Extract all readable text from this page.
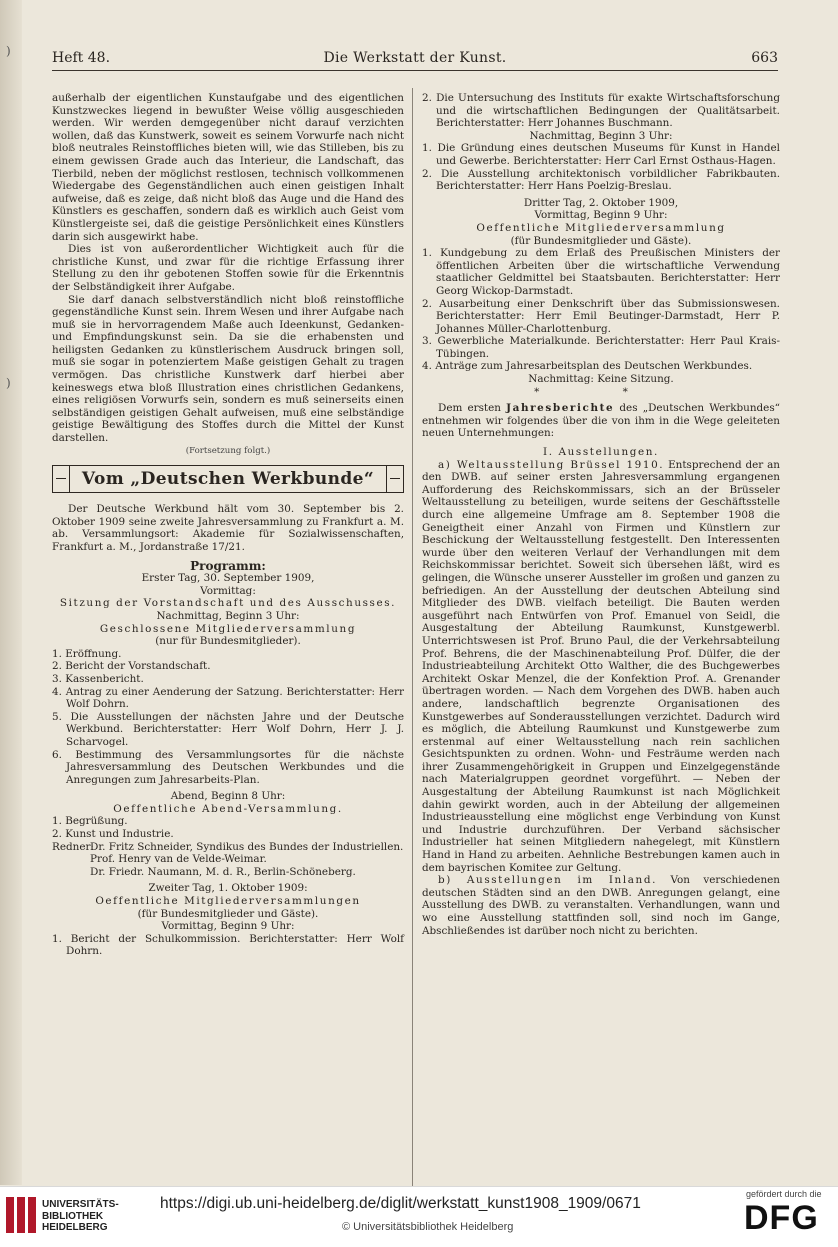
)
)
Heft 48.	Die Werkstatt der Kunst.	663

außerhalb der eigentlichen Kunstaufgabe und des eigentlichen Kunstzweckes liegend in bewußter Weise völlig ausgeschieden werden. Wir werden demgegenüber nicht darauf verzichten wollen, daß das Kunstwerk, soweit es seinem Vorwurfe nach nicht bloß neutrales Reinstoffliches bieten will, wie das Stilleben, bis zu einem gewissen Grade auch das Interieur, die Landschaft, das Tierbild, neben der möglichst restlosen, technisch vollkommenen Wiedergabe des Gegenständlichen auch einen geistigen Inhalt aufweise, daß es zeige, daß nicht bloß das Auge und die Hand des Künstlers es geschaffen, sondern daß es wirklich auch Geist vom Künstlergeiste sei, daß die geistige Persönlichkeit eines Künstlers darin sich ausgewirkt habe.

Dies ist von außerordentlicher Wichtigkeit auch für die christliche Kunst, und zwar für die richtige Erfassung ihrer Stellung zu den ihr gebotenen Stoffen sowie für die Erkenntnis der Selbständigkeit ihrer Aufgabe.

Sie darf danach selbstverständlich nicht bloß reinstoffliche gegenständliche Kunst sein. Ihrem Wesen und ihrer Aufgabe nach muß sie in hervorragendem Maße auch Ideenkunst, Gedanken- und Empfindungskunst sein. Da sie die erhabensten und heiligsten Gedanken zu künstlerischem Ausdruck bringen soll, muß sie sogar in potenziertem Maße geistigen Gehalt zu tragen vermögen. Das christliche Kunstwerk darf hierbei aber keineswegs etwa bloß Illustration eines christlichen Gedankens, eines religiösen Vorwurfs sein, sondern es muß seinerseits einen selbständigen geistigen Gehalt aufweisen, muß eine selbständige geistige Bewältigung des Stoffes durch die Mittel der Kunst darstellen.

(Fortsetzung folgt.)

Vom „Deutschen Werkbunde“

Der Deutsche Werkbund hält vom 30. September bis 2. Oktober 1909 seine zweite Jahresversammlung zu Frankfurt a. M. ab. Versammlungsort: Akademie für Sozialwissenschaften, Frankfurt a. M., Jordanstraße 17/21.

Programm:

Erster Tag, 30. September 1909,

Vormittag:

Sitzung der Vorstandschaft und des Ausschusses.

Nachmittag, Beginn 3 Uhr:

Geschlossene Mitgliederversammlung

(nur für Bundesmitglieder).

1. Eröffnung.
2. Bericht der Vorstandschaft.
3. Kassenbericht.
4. Antrag zu einer Aenderung der Satzung. Berichterstatter: Herr Wolf Dohrn.
5. Die Ausstellungen der nächsten Jahre und der Deutsche Werkbund. Berichterstatter: Herr Wolf Dohrn, Herr J. J. Scharvogel.
6. Bestimmung des Versammlungsortes für die nächste Jahresversammlung des Deutschen Werkbundes und die Anregungen zum Jahresarbeits-Plan.

Abend, Beginn 8 Uhr:

Oeffentliche Abend-Versammlung.

1. Begrüßung.
2. Kunst und Industrie.
Redner:

Dr. Fritz Schneider, Syndikus des Bundes der Industriellen.

Prof. Henry van de Velde-Weimar.

Dr. Friedr. Naumann, M. d. R., Berlin-Schöneberg.

Zweiter Tag, 1. Oktober 1909:

Oeffentliche Mitgliederversammlungen

(für Bundesmitglieder und Gäste).

Vormittag, Beginn 9 Uhr:

1. Bericht der Schulkommission. Berichterstatter: Herr Wolf Dohrn.
2. Die Untersuchung des Instituts für exakte Wirtschaftsforschung und die wirtschaftlichen Bedingungen der Qualitätsarbeit. Berichterstatter: Herr Johannes Buschmann.

Nachmittag, Beginn 3 Uhr:

1. Die Gründung eines deutschen Museums für Kunst in Handel und Gewerbe. Berichterstatter: Herr Carl Ernst Osthaus-Hagen.
2. Die Ausstellung architektonisch vorbildlicher Fabrikbauten. Berichterstatter: Herr Hans Poelzig-Breslau.

Dritter Tag, 2. Oktober 1909,

Vormittag, Beginn 9 Uhr:

Oeffentliche Mitgliederversammlung

(für Bundesmitglieder und Gäste).

1. Kundgebung zu dem Erlaß des Preußischen Ministers der öffentlichen Arbeiten über die wirtschaftliche Verwendung staatlicher Geldmittel bei Staatsbauten. Berichterstatter: Herr Georg Wickop-Darmstadt.
2. Ausarbeitung einer Denkschrift über das Submissionswesen. Berichterstatter: Herr Emil Beutinger-Darmstadt, Herr P. Johannes Müller-Charlottenburg.
3. Gewerbliche Materialkunde. Berichterstatter: Herr Paul Krais-Tübingen.
4. Anträge zum Jahresarbeitsplan des Deutschen Werkbundes.

Nachmittag: Keine Sitzung.

* *

Dem ersten Jahresberichte des „Deutschen Werkbundes“ entnehmen wir folgendes über die von ihm in die Wege geleiteten neuen Unternehmungen:

I. Ausstellungen.

a) Weltausstellung Brüssel 1910. Entsprechend der an den DWB. auf seiner ersten Jahresversammlung ergangenen Aufforderung des Reichskommissars, sich an der Brüsseler Weltausstellung zu beteiligen, wurde seitens der Geschäftsstelle durch eine allgemeine Umfrage am 8. September 1908 die Geneigtheit einer Anzahl von Firmen und Künstlern zur Beschickung der Weltausstellung festgestellt. Den Interessenten wurde über den weiteren Verlauf der Verhandlungen mit dem Reichskommissar berichtet. Soweit sich übersehen läßt, wird es gelingen, die Wünsche unserer Aussteller im großen und ganzen zu befriedigen. An der Ausstellung der deutschen Abteilung sind Mitglieder des DWB. vielfach beteiligt. Die Bauten werden ausgeführt nach Entwürfen von Prof. Emanuel von Seidl, die Ausgestaltung der Abteilung Raumkunst, Kunstgewerbl. Unterrichtswesen ist Prof. Bruno Paul, die der Verkehrsabteilung Prof. Behrens, die der Maschinenabteilung Prof. Dülfer, die der Industrieabteilung Architekt Otto Walther, die des Buchgewerbes Architekt Oskar Menzel, die der Konfektion Prof. A. Grenander übertragen worden. — Nach dem Vorgehen des DWB. haben auch andere, landschaftlich begrenzte Organisationen des Kunstgewerbes auf Sonderausstellungen verzichtet. Dadurch wird es möglich, die Abteilung Raumkunst und Kunstgewerbe zum erstenmal auf einer Weltausstellung nach rein sachlichen Gesichtspunkten zu ordnen. Wohn- und Festräume werden nach ihrer Zusammengehörigkeit in Gruppen und Einzelgegenstände nach Materialgruppen geordnet vorgeführt. — Neben der Ausgestaltung der Abteilung Raumkunst ist nach Möglichkeit dahin gewirkt worden, auch in der Abteilung der allgemeinen Industrieausstellung eine möglichst enge Verbindung von Kunst und Industrie durchzuführen. Der Verband sächsischer Industrieller hat seinen Mitgliedern nahegelegt, mit Künstlern Hand in Hand zu arbeiten. Aehnliche Bestrebungen kamen auch in dem bayrischen Komitee zur Geltung.

b) Ausstellungen im Inland. Von verschiedenen deutschen Städten sind an den DWB. Anregungen gelangt, eine Ausstellung des DWB. zu veranstalten. Verhandlungen, wann und wo eine Ausstellung stattfinden soll, sind noch im Gange, Abschließendes ist darüber noch nicht zu berichten.

UNIVERSITÄTS-
BIBLIOTHEK
HEIDELBERG
https://digi.ub.uni-heidelberg.de/diglit/werkstatt_kunst1908_1909/0671
© Universitätsbibliothek Heidelberg
gefördert durch die
DFG
